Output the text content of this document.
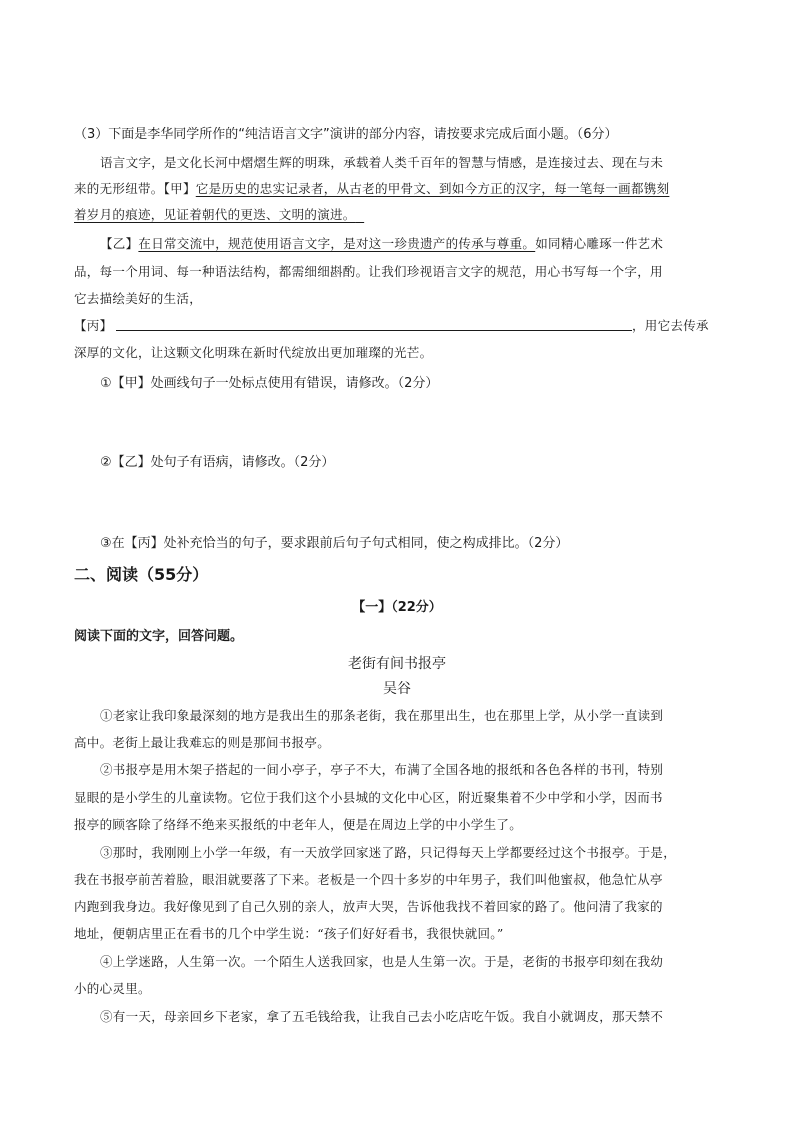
（3）下面是李华同学所作的“纯洁语言文字”演讲的部分内容，请按要求完成后面小题。（6分）
语言文字，是文化长河中熠熠生辉的明珠，承载着人类千百年的智慧与情感，是连接过去、现在与未
来的无形纽带。【甲】它是历史的忠实记录者，从古老的甲骨文、到如今方正的汉字，每一笔每一画都镌刻
着岁月的痕迹，见证着朝代的更迭、文明的演进。
【乙】在日常交流中，规范使用语言文字，是对这一珍贵遗产的传承与尊重。如同精心雕琢一件艺术
品，每一个用词、每一种语法结构，都需细细斟酌。让我们珍视语言文字的规范，用心书写每一个字，用
它去描绘美好的生活，
【丙】	，用它去传承
深厚的文化，让这颗文化明珠在新时代绽放出更加璀璨的光芒。
①【甲】处画线句子一处标点使用有错误，请修改。（2分）
②【乙】处句子有语病，请修改。（2分）
③在【丙】处补充恰当的句子，要求跟前后句子句式相同，使之构成排比。（2分）
二、阅读（55分）
【一】（22分）
阅读下面的文字，回答问题。
老街有间书报亭
吴谷
①老家让我印象最深刻的地方是我出生的那条老街，我在那里出生，也在那里上学，从小学一直读到
高中。老街上最让我难忘的则是那间书报亭。
②书报亭是用木架子搭起的一间小亭子，亭子不大，布满了全国各地的报纸和各色各样的书刊，特别
显眼的是小学生的儿童读物。它位于我们这个小县城的文化中心区，附近聚集着不少中学和小学，因而书
报亭的顾客除了络绎不绝来买报纸的中老年人，便是在周边上学的中小学生了。
③那时，我刚刚上小学一年级，有一天放学回家迷了路，只记得每天上学都要经过这个书报亭。于是，
我在书报亭前苦着脸，眼泪就要落了下来。老板是一个四十多岁的中年男子，我们叫他蜜叔，他急忙从亭
内跑到我身边。我好像见到了自己久别的亲人，放声大哭，告诉他我找不着回家的路了。他问清了我家的
地址，便朝店里正在看书的几个中学生说：“孩子们好好看书，我很快就回。”
④上学迷路，人生第一次。一个陌生人送我回家，也是人生第一次。于是，老街的书报亭印刻在我幼
小的心灵里。
⑤有一天，母亲回乡下老家，拿了五毛钱给我，让我自己去小吃店吃午饭。我自小就调皮，那天禁不
